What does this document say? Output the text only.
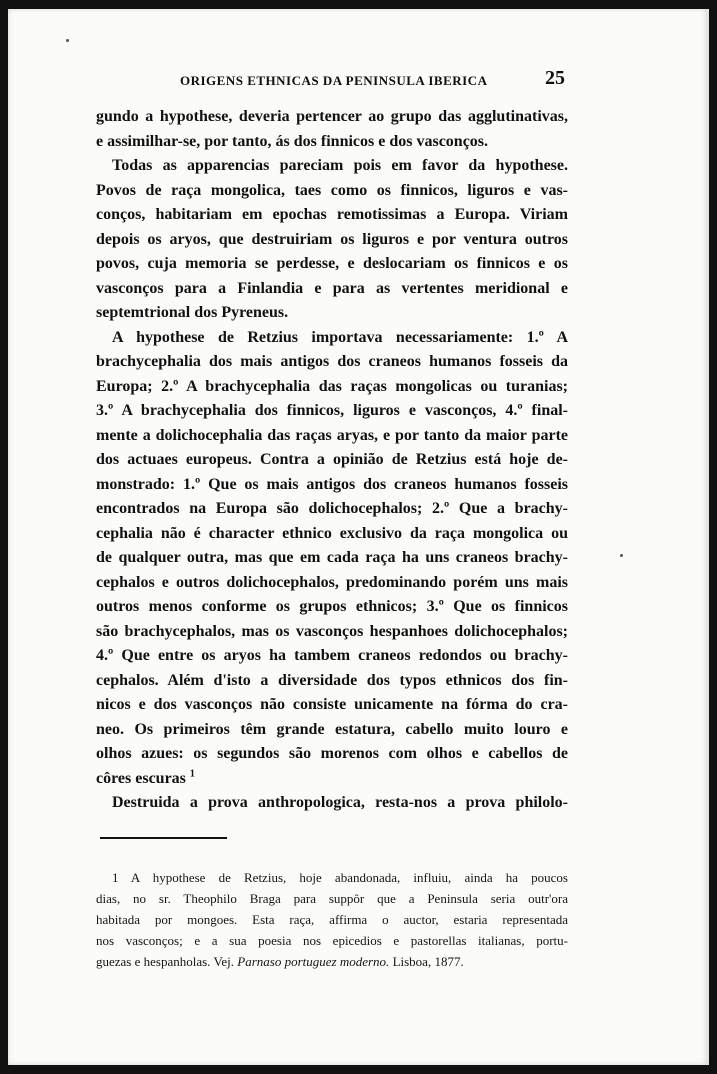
ORIGENS ETHNICAS DA PENINSULA IBERICA	25

gundo a hypothese, deveria pertencer ao grupo das agglutinativas,

e assimilhar-se, por tanto, ás dos finnicos e dos vasconços.

Todas as apparencias pareciam pois em favor da hypothese.

Povos de raça mongolica, taes como os finnicos, liguros e vas-

conços, habitariam em epochas remotissimas a Europa. Viriam

depois os aryos, que destruiriam os liguros e por ventura outros

povos, cuja memoria se perdesse, e deslocariam os finnicos e os

vasconços para a Finlandia e para as vertentes meridional e

septemtrional dos Pyreneus.

A hypothese de Retzius importava necessariamente: 1.º A

brachycephalia dos mais antigos dos craneos humanos fosseis da

Europa; 2.º A brachycephalia das raças mongolicas ou turanias;

3.º A brachycephalia dos finnicos, liguros e vasconços, 4.º final-

mente a dolichocephalia das raças aryas, e por tanto da maior parte

dos actuaes europeus. Contra a opinião de Retzius está hoje de-

monstrado: 1.º Que os mais antigos dos craneos humanos fosseis

encontrados na Europa são dolichocephalos; 2.º Que a brachy-

cephalia não é character ethnico exclusivo da raça mongolica ou

de qualquer outra, mas que em cada raça ha uns craneos brachy-

cephalos e outros dolichocephalos, predominando porém uns mais

outros menos conforme os grupos ethnicos; 3.º Que os finnicos

são brachycephalos, mas os vasconços hespanhoes dolichocephalos;

4.º Que entre os aryos ha tambem craneos redondos ou brachy-

cephalos. Além d'isto a diversidade dos typos ethnicos dos fin-

nicos e dos vasconços não consiste unicamente na fórma do cra-

neo. Os primeiros têm grande estatura, cabello muito louro e

olhos azues: os segundos são morenos com olhos e cabellos de

côres escuras $^1$

Destruida a prova anthropologica, resta-nos a prova philolo-

1 A hypothese de Retzius, hoje abandonada, influiu, ainda ha poucos

dias, no sr. Theophilo Braga para suppôr que a Peninsula seria outr'ora

habitada por mongoes. Esta raça, affirma o auctor, estaria representada

nos vasconços; e a sua poesia nos epicedios e pastorellas italianas, portu-

guezas e hespanholas. Vej. Parnaso portuguez moderno. Lisboa, 1877.
